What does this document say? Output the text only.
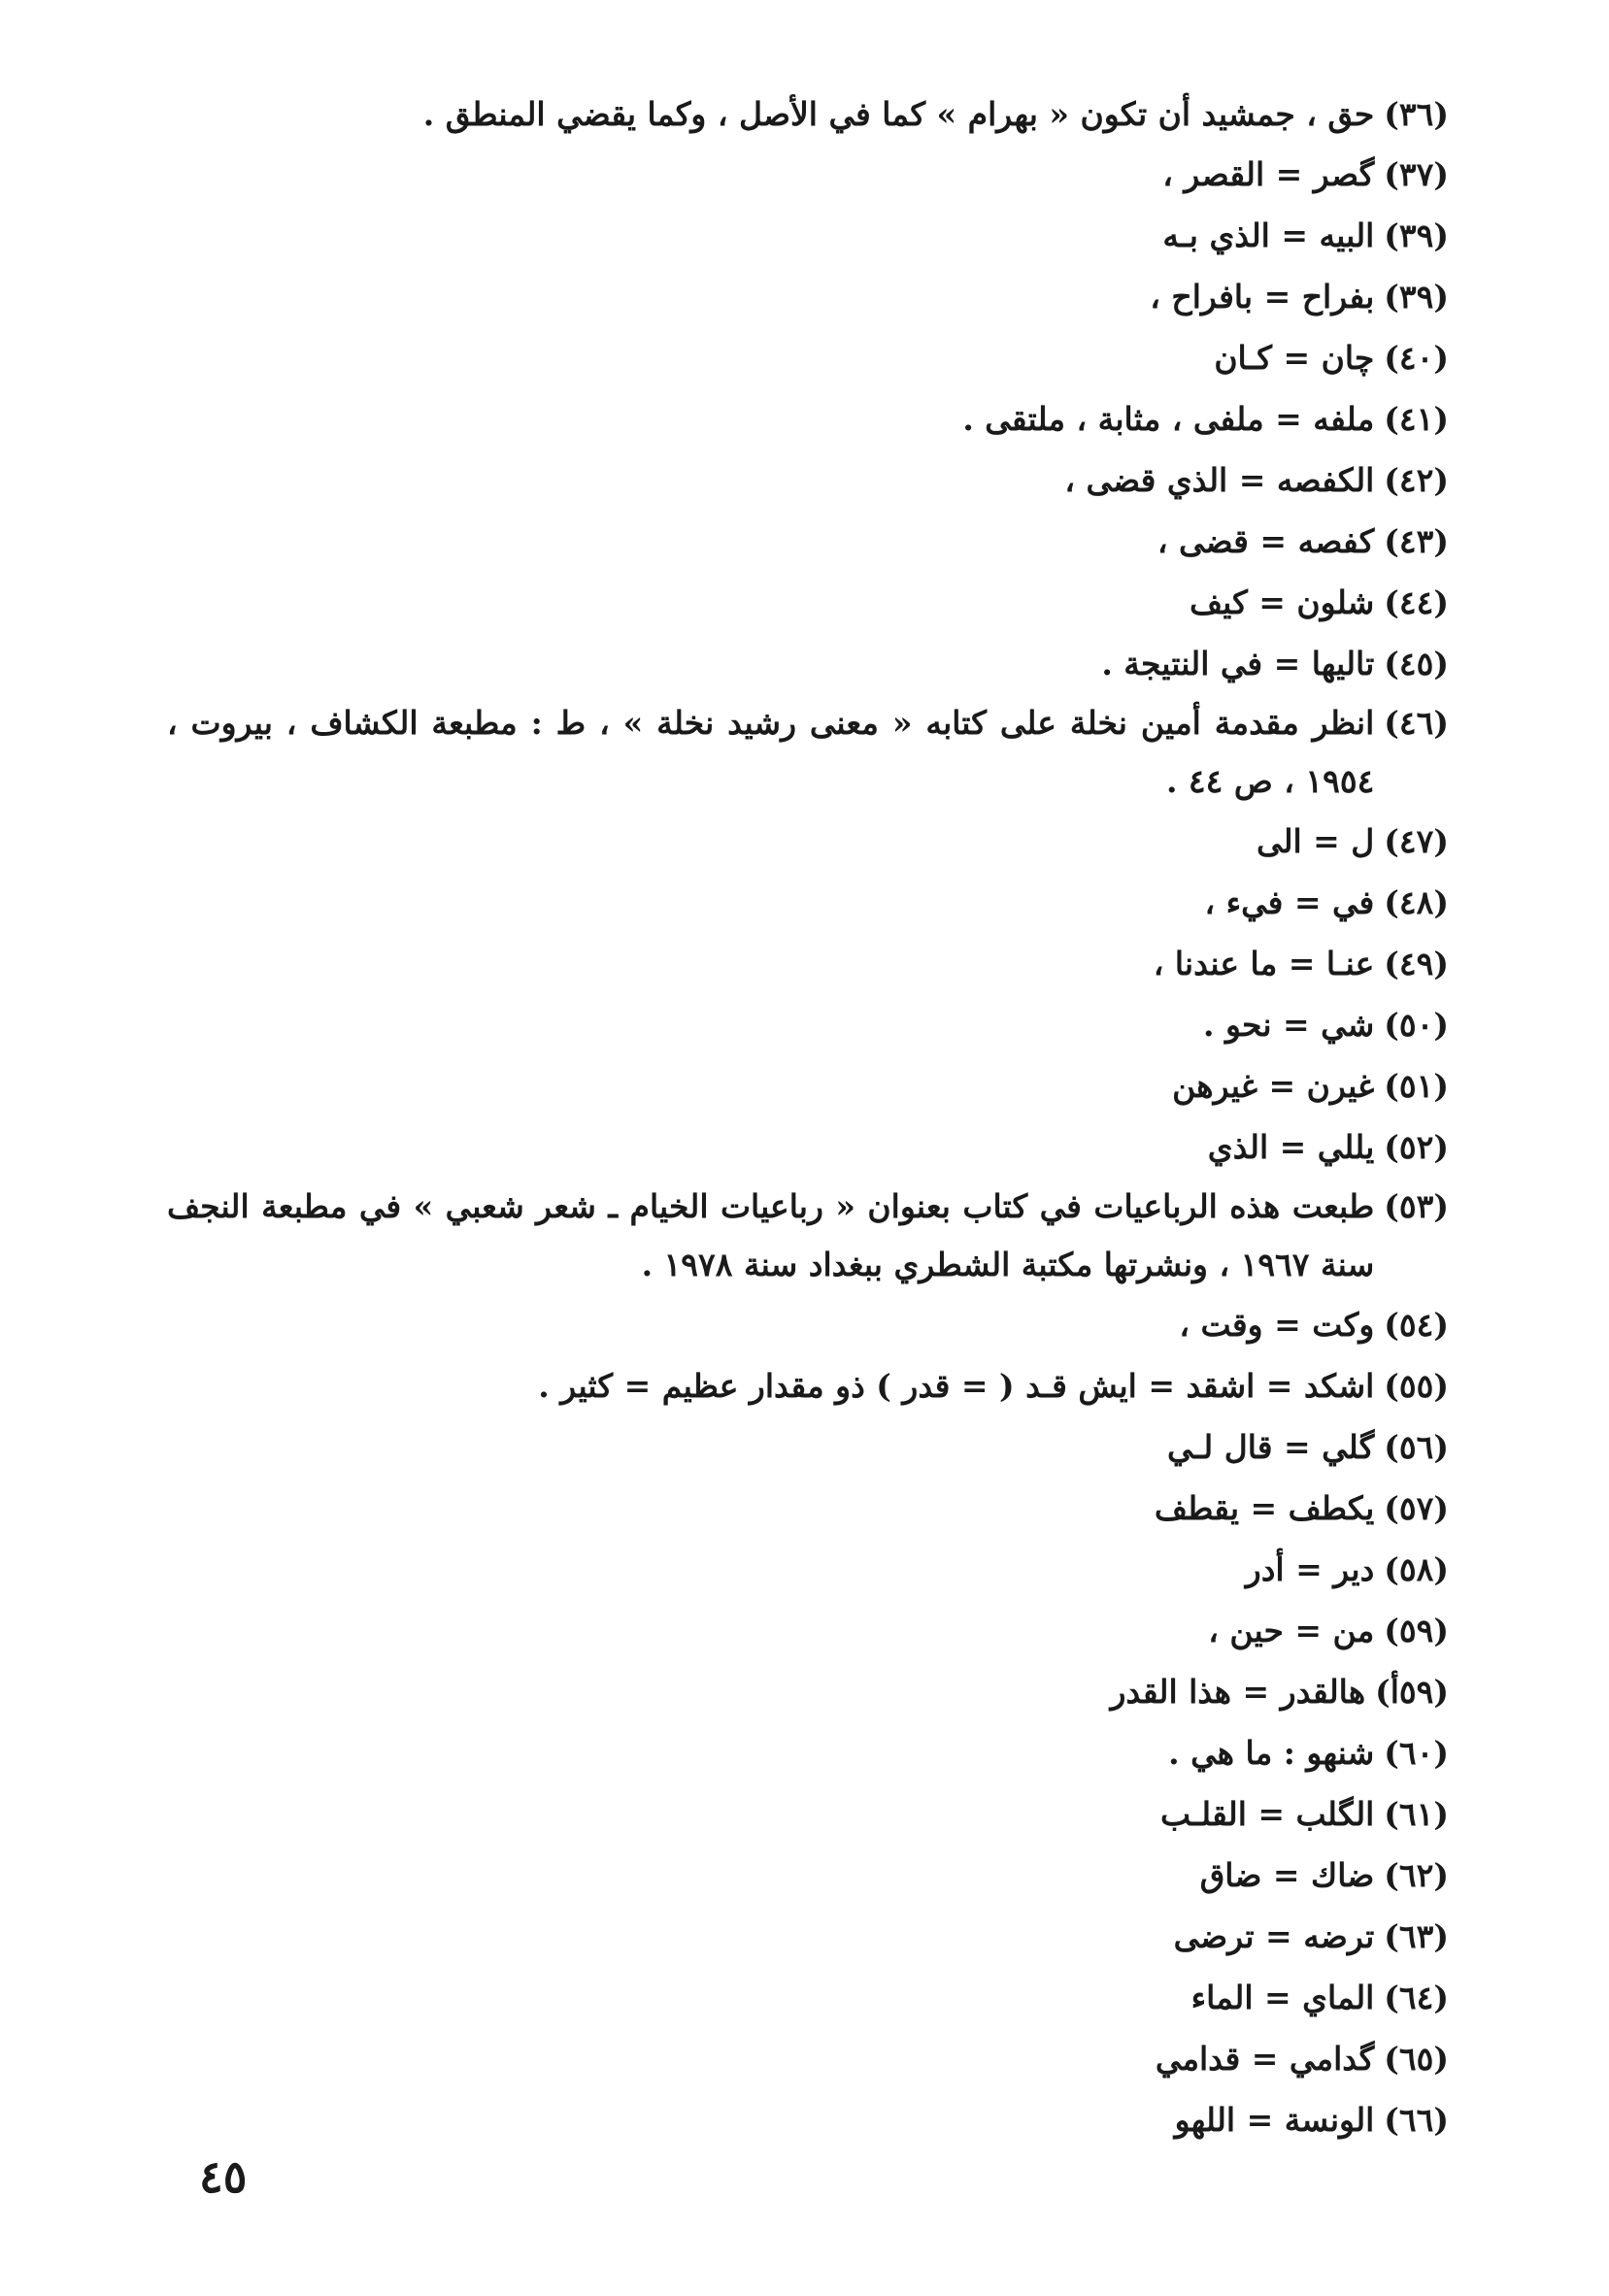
(٣٦)
حق ، جمشيد أن تكون « بهرام » كما في الأصل ، وكما يقضي المنطق .
(٣٧)
گصر = القصر ،
(٣٩)
البيه = الذي بـه
(٣٩)
بفراح = بافراح ،
(٤٠)
چان = كـان
(٤١)
ملفه = ملفى ، مثابة ، ملتقى .
(٤٢)
الكفصه = الذي قضى ،
(٤٣)
كفصه = قضى ،
(٤٤)
شلون = كيف
(٤٥)
تاليها = في النتيجة .
(٤٦)
انظر مقدمة أمين نخلة على كتابه « معنى رشيد نخلة » ، ط : مطبعة الكشاف ، بيروت ، ١٩٥٤ ، ص ٤٤ .
(٤٧)
ل = الى
(٤٨)
في = فيء ،
(٤٩)
عنـا = ما عندنا ،
(٥٠)
شي = نحو .
(٥١)
غيرن = غيرهن
(٥٢)
يللي = الذي
(٥٣)
طبعت هذه الرباعيات في كتاب بعنوان « رباعيات الخيام ـ شعر شعبي » في مطبعة النجف سنة ١٩٦٧ ، ونشرتها مكتبة الشطري ببغداد سنة ١٩٧٨ .
(٥٤)
وكت = وقت ،
(٥٥)
اشكد = اشقد = ايش قـد ( = قدر ) ذو مقدار عظيم = كثير .
(٥٦)
گلي = قال لـي
(٥٧)
يكطف = يقطف
(٥٨)
دير = أدر
(٥٩)
من = حين ،
(٥٩أ)
هالقدر = هذا القدر
(٦٠)
شنهو : ما هي .
(٦١)
الگلب = القلـب
(٦٢)
ضاك = ضاق
(٦٣)
ترضه = ترضى
(٦٤)
الماي = الماء
(٦٥)
گدامي = قدامي
(٦٦)
الونسة = اللهو
٤٥
